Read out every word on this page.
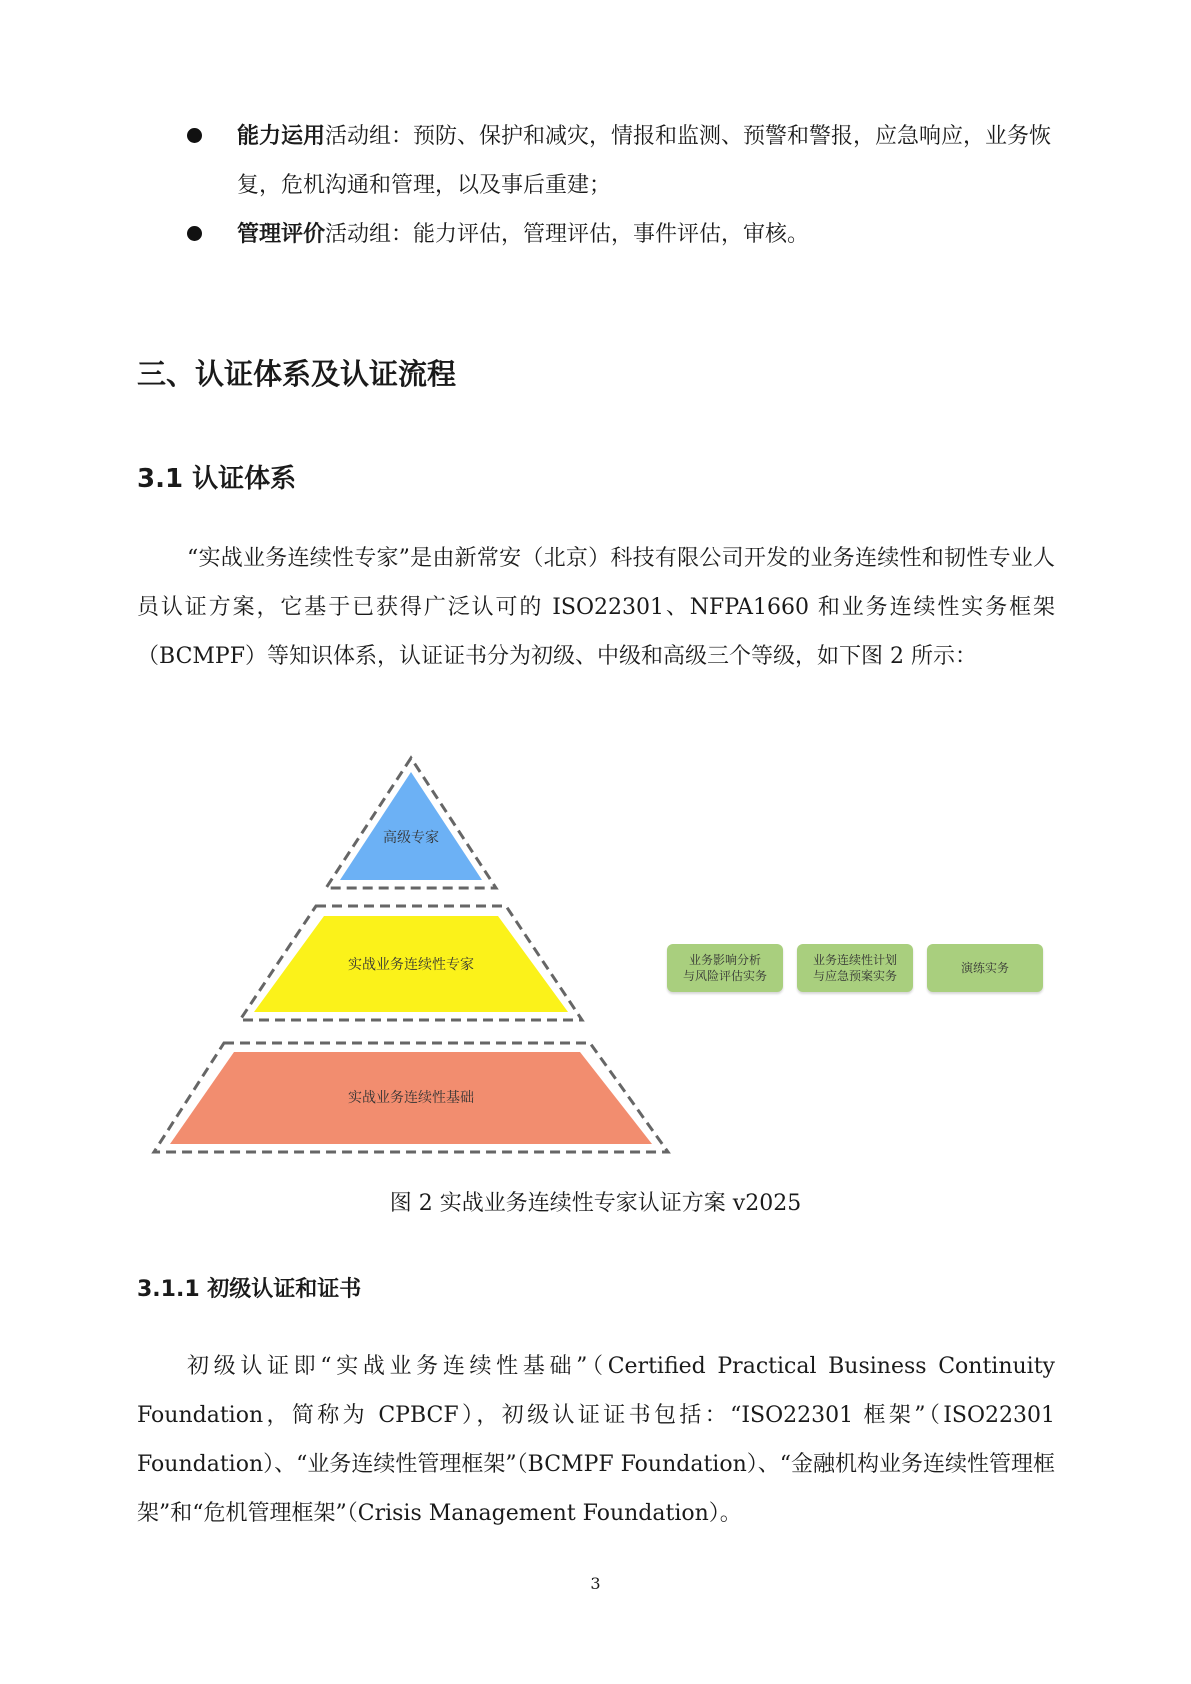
能力运用活动组：预防、保护和减灾，情报和监测、预警和警报，应急响应，业务恢复，危机沟通和管理，以及事后重建；
管理评价活动组：能力评估，管理评估，事件评估，审核。
三、认证体系及认证流程
3.1 认证体系
“实战业务连续性专家”是由新常安（北京）科技有限公司开发的业务连续性和韧性专业人员认证方案，它基于已获得广泛认可的 ISO22301、NFPA1660 和业务连续性实务框架（BCMPF）等知识体系，认证证书分为初级、中级和高级三个等级，如下图 2 所示：
高级专家
实战业务连续性专家
实战业务连续性基础
业务影响分析
与风险评估实务
业务连续性计划
与应急预案实务
演练实务
图 2 实战业务连续性专家认证方案 v2025
3.1.1 初级认证和证书
初级认证即“实战业务连续性基础”（Certified Practical Business Continuity Foundation，简称为 CPBCF），初级认证证书包括：“ISO22301 框架”（ISO22301 Foundation）、“业务连续性管理框架”（BCMPF Foundation）、“金融机构业务连续性管理框架”和“危机管理框架”（Crisis Management Foundation）。
3
